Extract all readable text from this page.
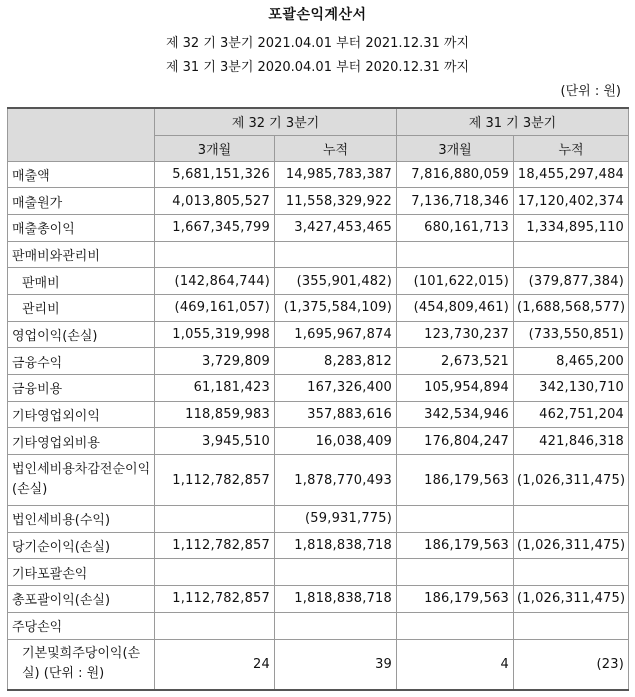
포괄손익계산서
제 32 기 3분기 2021.04.01 부터 2021.12.31 까지
제 31 기 3분기 2020.04.01 부터 2020.12.31 까지
(단위 : 원)
	제 32 기 3분기		제 31 기 3분기	
	3개월	누적	3개월	누적
매출액	5,681,151,326	14,985,783,387	7,816,880,059	18,455,297,484
매출원가	4,013,805,527	11,558,329,922	7,136,718,346	17,120,402,374
매출총이익	1,667,345,799	3,427,453,465	680,161,713	1,334,895,110
판매비와관리비				
판매비	(142,864,744)	(355,901,482)	(101,622,015)	(379,877,384)
관리비	(469,161,057)	(1,375,584,109)	(454,809,461)	(1,688,568,577)
영업이익(손실)	1,055,319,998	1,695,967,874	123,730,237	(733,550,851)
금융수익	3,729,809	8,283,812	2,673,521	8,465,200
금융비용	61,181,423	167,326,400	105,954,894	342,130,710
기타영업외이익	118,859,983	357,883,616	342,534,946	462,751,204
기타영업외비용	3,945,510	16,038,409	176,804,247	421,846,318
법인세비용차감전순이익(손실)	1,112,782,857	1,878,770,493	186,179,563	(1,026,311,475)
법인세비용(수익)		(59,931,775)		
당기순이익(손실)	1,112,782,857	1,818,838,718	186,179,563	(1,026,311,475)
기타포괄손익				
총포괄이익(손실)	1,112,782,857	1,818,838,718	186,179,563	(1,026,311,475)
주당손익				
기본및희주당이익(손실) (단위 : 원)	24	39	4	(23)
